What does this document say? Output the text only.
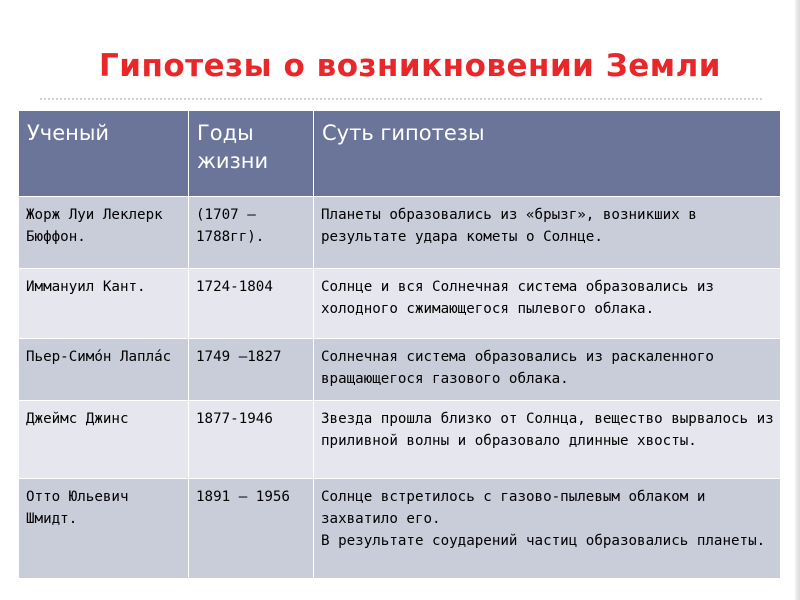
Гипотезы о возникновении Земли
Ученый	Годы жизни	Суть гипотезы
Жорж Луи Леклерк Бюффон.	(1707 – 1788гг).	Планеты образовались из «брызг», возникших в результате удара кометы о Солнце.

Иммануил Кант.	1724-1804	Солнце и вся Солнечная система образовались из холодного сжимающегося пылевого облака.

Пьер-Симо́н Лапла́с	1749 —1827	Солнечная система образовались из раскаленного вращающегося газового облака.

Джеймс Джинс	1877-1946	Звезда прошла близко от Солнца, вещество вырвалось из приливной волны и образовало длинные хвосты.

Отто Юльевич Шмидт.	1891 – 1956	Солнце встретилось с газово-пылевым облаком и захватило его.
В результате соударений частиц образовались планеты.
